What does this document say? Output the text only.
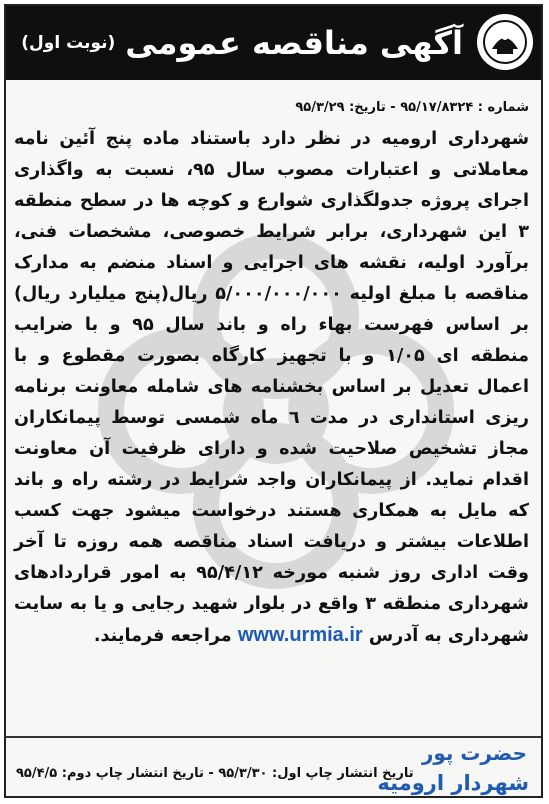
آگهی مناقصه عمومی
(نوبت اول)
شماره : ۹۵/۱۷/۸۳۲۴ - تاریخ: ۹۵/۳/۲۹
شهرداری ارومیه در نظر دارد باستناد ماده پنج آئین نامه معاملاتی و اعتبارات مصوب سال ۹۵، نسبت به واگذاری اجرای پروژه جدولگذاری شوارع و کوچه ها در سطح منطقه ۳ این شهرداری، برابر شرایط خصوصی، مشخصات فنی، برآورد اولیه، نقشه های اجرایی و اسناد منضم به مدارک مناقصه با مبلغ اولیه ۵/۰۰۰/۰۰۰/۰۰۰ ریال(پنج میلیارد ریال) بر اساس فهرست بهاء راه و باند سال ۹۵ و با ضرایب منطقه ای ۱/۰۵ و با تجهیز کارگاه بصورت مقطوع و با اعمال تعدیل بر اساس بخشنامه های شامله معاونت برنامه ریزی استانداری در مدت ٦ ماه شمسی توسط پیمانکاران مجاز تشخیص صلاحیت شده و دارای ظرفیت آن معاونت اقدام نماید. از پیمانکاران واجد شرایط در رشته راه و باند که مایل به همکاری هستند درخواست میشود جهت کسب اطلاعات بیشتر و دریافت اسناد مناقصه همه روزه تا آخر وقت اداری روز شنبه مورخه ۹۵/۴/۱۲ به امور قراردادهای شهرداری منطقه ۳ واقع در بلوار شهید رجایی و یا به سایت شهرداری به آدرس www.urmia.ir مراجعه فرمایند.
حضرت پور
شهردار ارومیه
تاریخ انتشار چاپ اول: ۹۵/۳/۳۰ - تاریخ انتشار چاپ دوم: ۹۵/۴/۵
